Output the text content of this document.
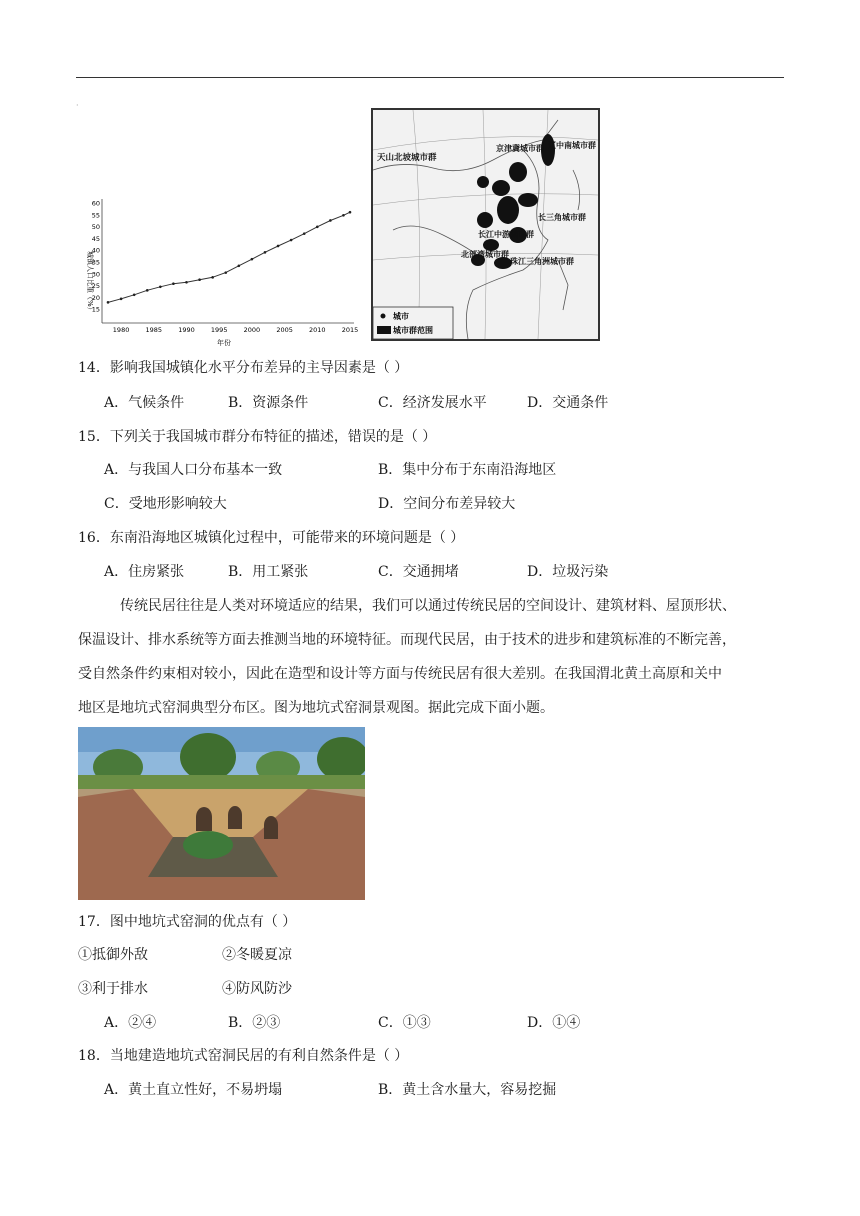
·
城镇人口比重（%）
年份
15
20
25
30
35
40
45
50
55
60
1980 1985 1990 1995 2000 2005 2010 2015
天山北坡城市群
京津冀城市群 辽中南城市群
长三角城市群
长江中游城市群
北部湾城市群
珠江三角洲城市群
城市
城市群范围
14．影响我国城镇化水平分布差异的主导因素是（ ）
A．气候条件	B．资源条件	C．经济发展水平	D．交通条件
15．下列关于我国城市群分布特征的描述，错误的是（ ）
A．与我国人口分布基本一致	B．集中分布于东南沿海地区
C．受地形影响较大	D．空间分布差异较大
16．东南沿海地区城镇化过程中，可能带来的环境问题是（ ）
A．住房紧张	B．用工紧张	C．交通拥堵	D．垃圾污染
传统民居往往是人类对环境适应的结果，我们可以通过传统民居的空间设计、建筑材料、屋顶形状、
保温设计、排水系统等方面去推测当地的环境特征。而现代民居，由于技术的进步和建筑标准的不断完善，
受自然条件约束相对较小，因此在造型和设计等方面与传统民居有很大差别。在我国渭北黄土高原和关中
地区是地坑式窑洞典型分布区。图为地坑式窑洞景观图。据此完成下面小题。
17．图中地坑式窑洞的优点有（ ）
①抵御外敌	②冬暖夏凉
③利于排水	④防风防沙
A．②④	B．②③	C．①③	D．①④
18．当地建造地坑式窑洞民居的有利自然条件是（ ）
A．黄土直立性好，不易坍塌	B．黄土含水量大，容易挖掘
